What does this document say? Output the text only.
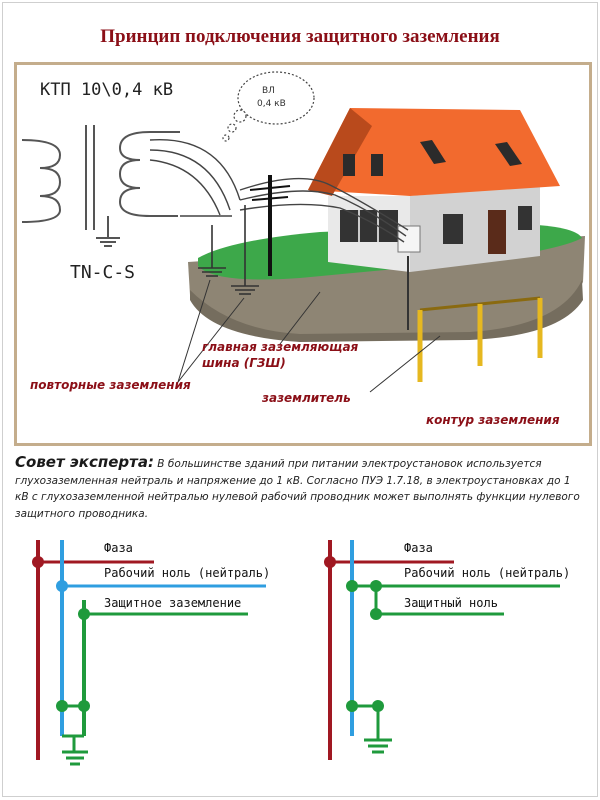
Принцип подключения защитного заземления
КТП 10\0,4 кВ
TN-C-S
ВЛ
0,4 кВ
главная заземляющая
шина (ГЗШ)
повторные заземления
заземлитель
контур заземления
Совет эксперта: В большинстве зданий при питании электроустановок используется глухозаземленная нейтраль и напряжение до 1 кВ. Согласно ПУЭ 1.7.18, в электроустановках до 1 кВ с глухозаземленной нейтралью нулевой рабочий проводник может выполнять функции нулевого защитного проводника.
Фаза
Рабочий ноль (нейтраль)
Защитное заземление
Фаза
Рабочий ноль (нейтраль)
Защитный ноль
